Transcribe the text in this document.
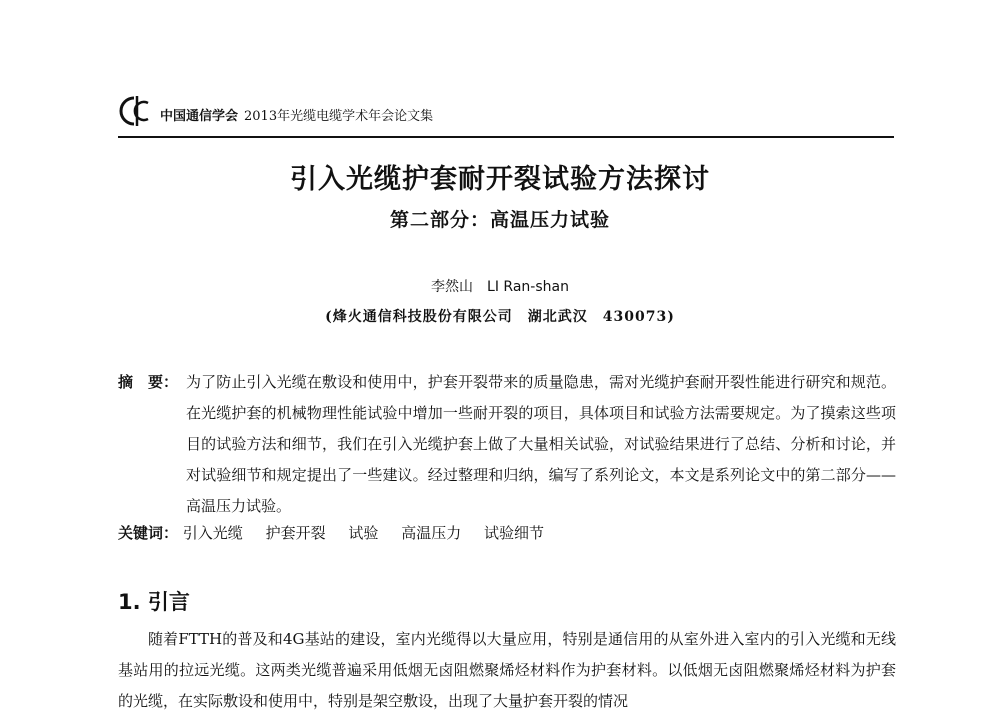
中国通信学会 2013年光缆电缆学术年会论文集
引入光缆护套耐开裂试验方法探讨
第二部分：高温压力试验
李然山　LI Ran-shan
(烽火通信科技股份有限公司　湖北武汉　430073)
摘　要： 为了防止引入光缆在敷设和使用中，护套开裂带来的质量隐患，需对光缆护套耐开裂性能进行研究和规范。在光缆护套的机械物理性能试验中增加一些耐开裂的项目，具体项目和试验方法需要规定。为了摸索这些项目的试验方法和细节，我们在引入光缆护套上做了大量相关试验，对试验结果进行了总结、分析和讨论，并对试验细节和规定提出了一些建议。经过整理和归纳，编写了系列论文，本文是系列论文中的第二部分——高温压力试验。
关键词： 引入光缆 护套开裂 试验 高温压力 试验细节
1. 引言
随着FTTH的普及和4G基站的建设，室内光缆得以大量应用，特别是通信用的从室外进入室内的引入光缆和无线基站用的拉远光缆。这两类光缆普遍采用低烟无卤阻燃聚烯烃材料作为护套材料。以低烟无卤阻燃聚烯烃材料为护套的光缆，在实际敷设和使用中，特别是架空敷设，出现了大量护套开裂的情况
